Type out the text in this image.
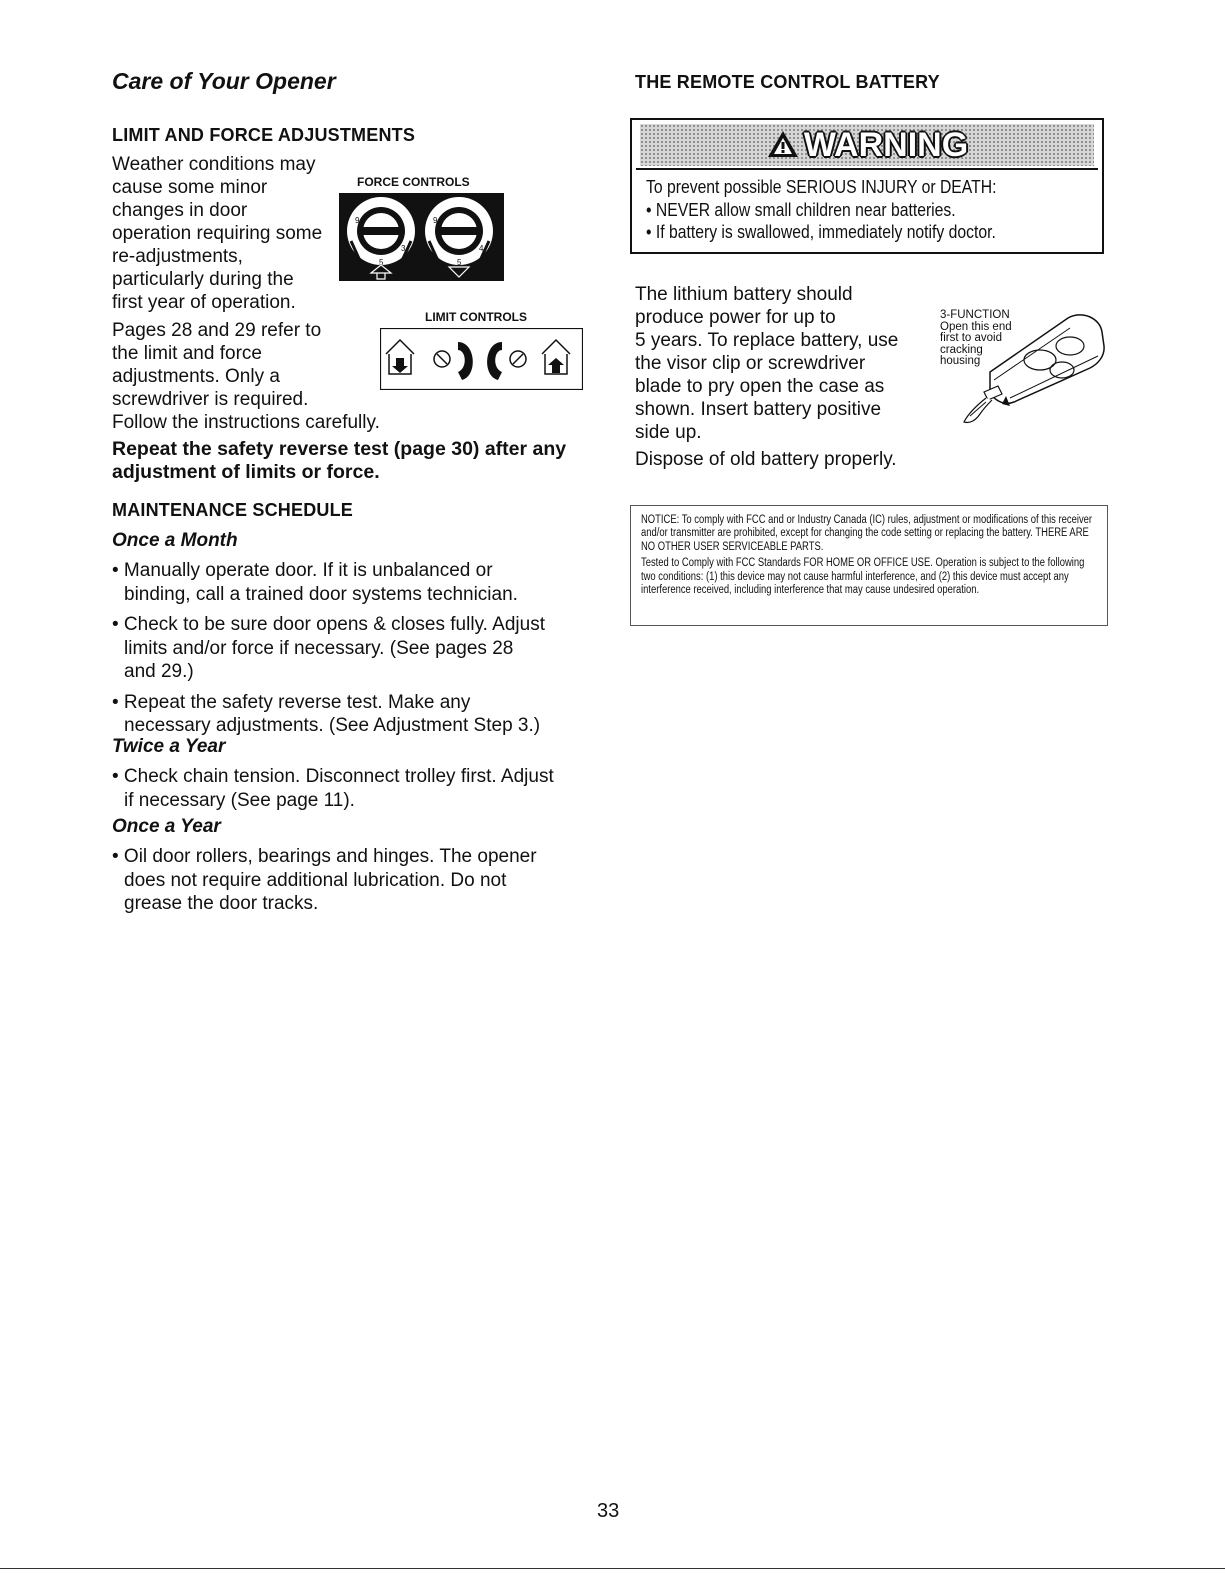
Care of Your Opener
LIMIT AND FORCE ADJUSTMENTS
Weather conditions may
cause some minor
changes in door
operation requiring some
re-adjustments,
particularly during the
first year of operation.
Pages 28 and 29 refer to
the limit and force
adjustments. Only a
screwdriver is required.
Follow the instructions carefully.
FORCE CONTROLS
9
5
3
9
5
4
LIMIT CONTROLS
Repeat the safety reverse test (page 30) after any
adjustment of limits or force.
MAINTENANCE SCHEDULE
Once a Month
• Manually operate door. If it is unbalanced or
binding, call a trained door systems technician.
• Check to be sure door opens & closes fully. Adjust
limits and/or force if necessary. (See pages 28
and 29.)
• Repeat the safety reverse test. Make any
necessary adjustments. (See Adjustment Step 3.)
Twice a Year
• Check chain tension. Disconnect trolley first. Adjust
if necessary (See page 11).
Once a Year
• Oil door rollers, bearings and hinges. The opener
does not require additional lubrication. Do not
grease the door tracks.
THE REMOTE CONTROL BATTERY
WARNING
To prevent possible SERIOUS INJURY or DEATH:
• NEVER allow small children near batteries.
• If battery is swallowed, immediately notify doctor.
The lithium battery should
produce power for up to
5 years. To replace battery, use
the visor clip or screwdriver
blade to pry open the case as
shown. Insert battery positive
side up.
Dispose of old battery properly.
3-FUNCTION
Open this end
first to avoid
cracking
housing

NOTICE: To comply with FCC and or Industry Canada (IC) rules, adjustment or modifications of this receiver and/or transmitter are prohibited, except for changing the code setting or replacing the battery. THERE ARE NO OTHER USER SERVICEABLE PARTS.

Tested to Comply with FCC Standards FOR HOME OR OFFICE USE. Operation is subject to the following two conditions: (1) this device may not cause harmful interference, and (2) this device must accept any interference received, including interference that may cause undesired operation.

33
